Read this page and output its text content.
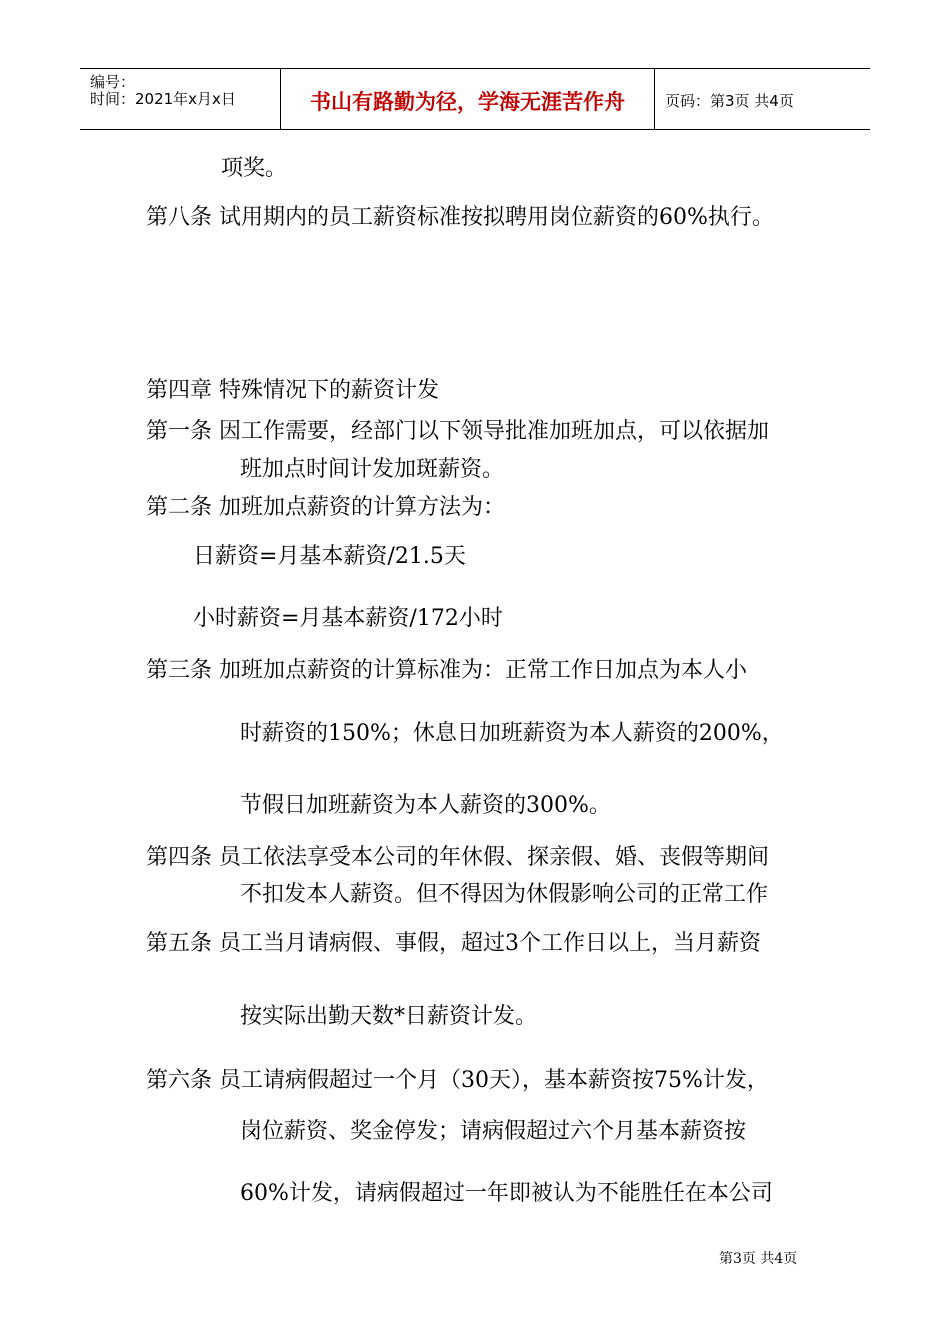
编号：
时间：2021年x月x日	书山有路勤为径，学海无涯苦作舟	页码：第3页 共4页
项奖。
第八条 试用期内的员工薪资标准按拟聘用岗位薪资的60%执行。
第四章 特殊情况下的薪资计发
第一条 因工作需要，经部门以下领导批准加班加点，可以依据加
班加点时间计发加斑薪资。
第二条 加班加点薪资的计算方法为：
日薪资=月基本薪资/21.5天
小时薪资=月基本薪资/172小时
第三条 加班加点薪资的计算标准为：正常工作日加点为本人小
时薪资的150%；休息日加班薪资为本人薪资的200%，
节假日加班薪资为本人薪资的300%。
第四条 员工依法享受本公司的年休假、探亲假、婚、丧假等期间
不扣发本人薪资。但不得因为休假影响公司的正常工作
第五条 员工当月请病假、事假，超过3个工作日以上，当月薪资
按实际出勤天数*日薪资计发。
第六条 员工请病假超过一个月（30天），基本薪资按75%计发，
岗位薪资、奖金停发；请病假超过六个月基本薪资按
60%计发，请病假超过一年即被认为不能胜任在本公司
第3页 共4页
